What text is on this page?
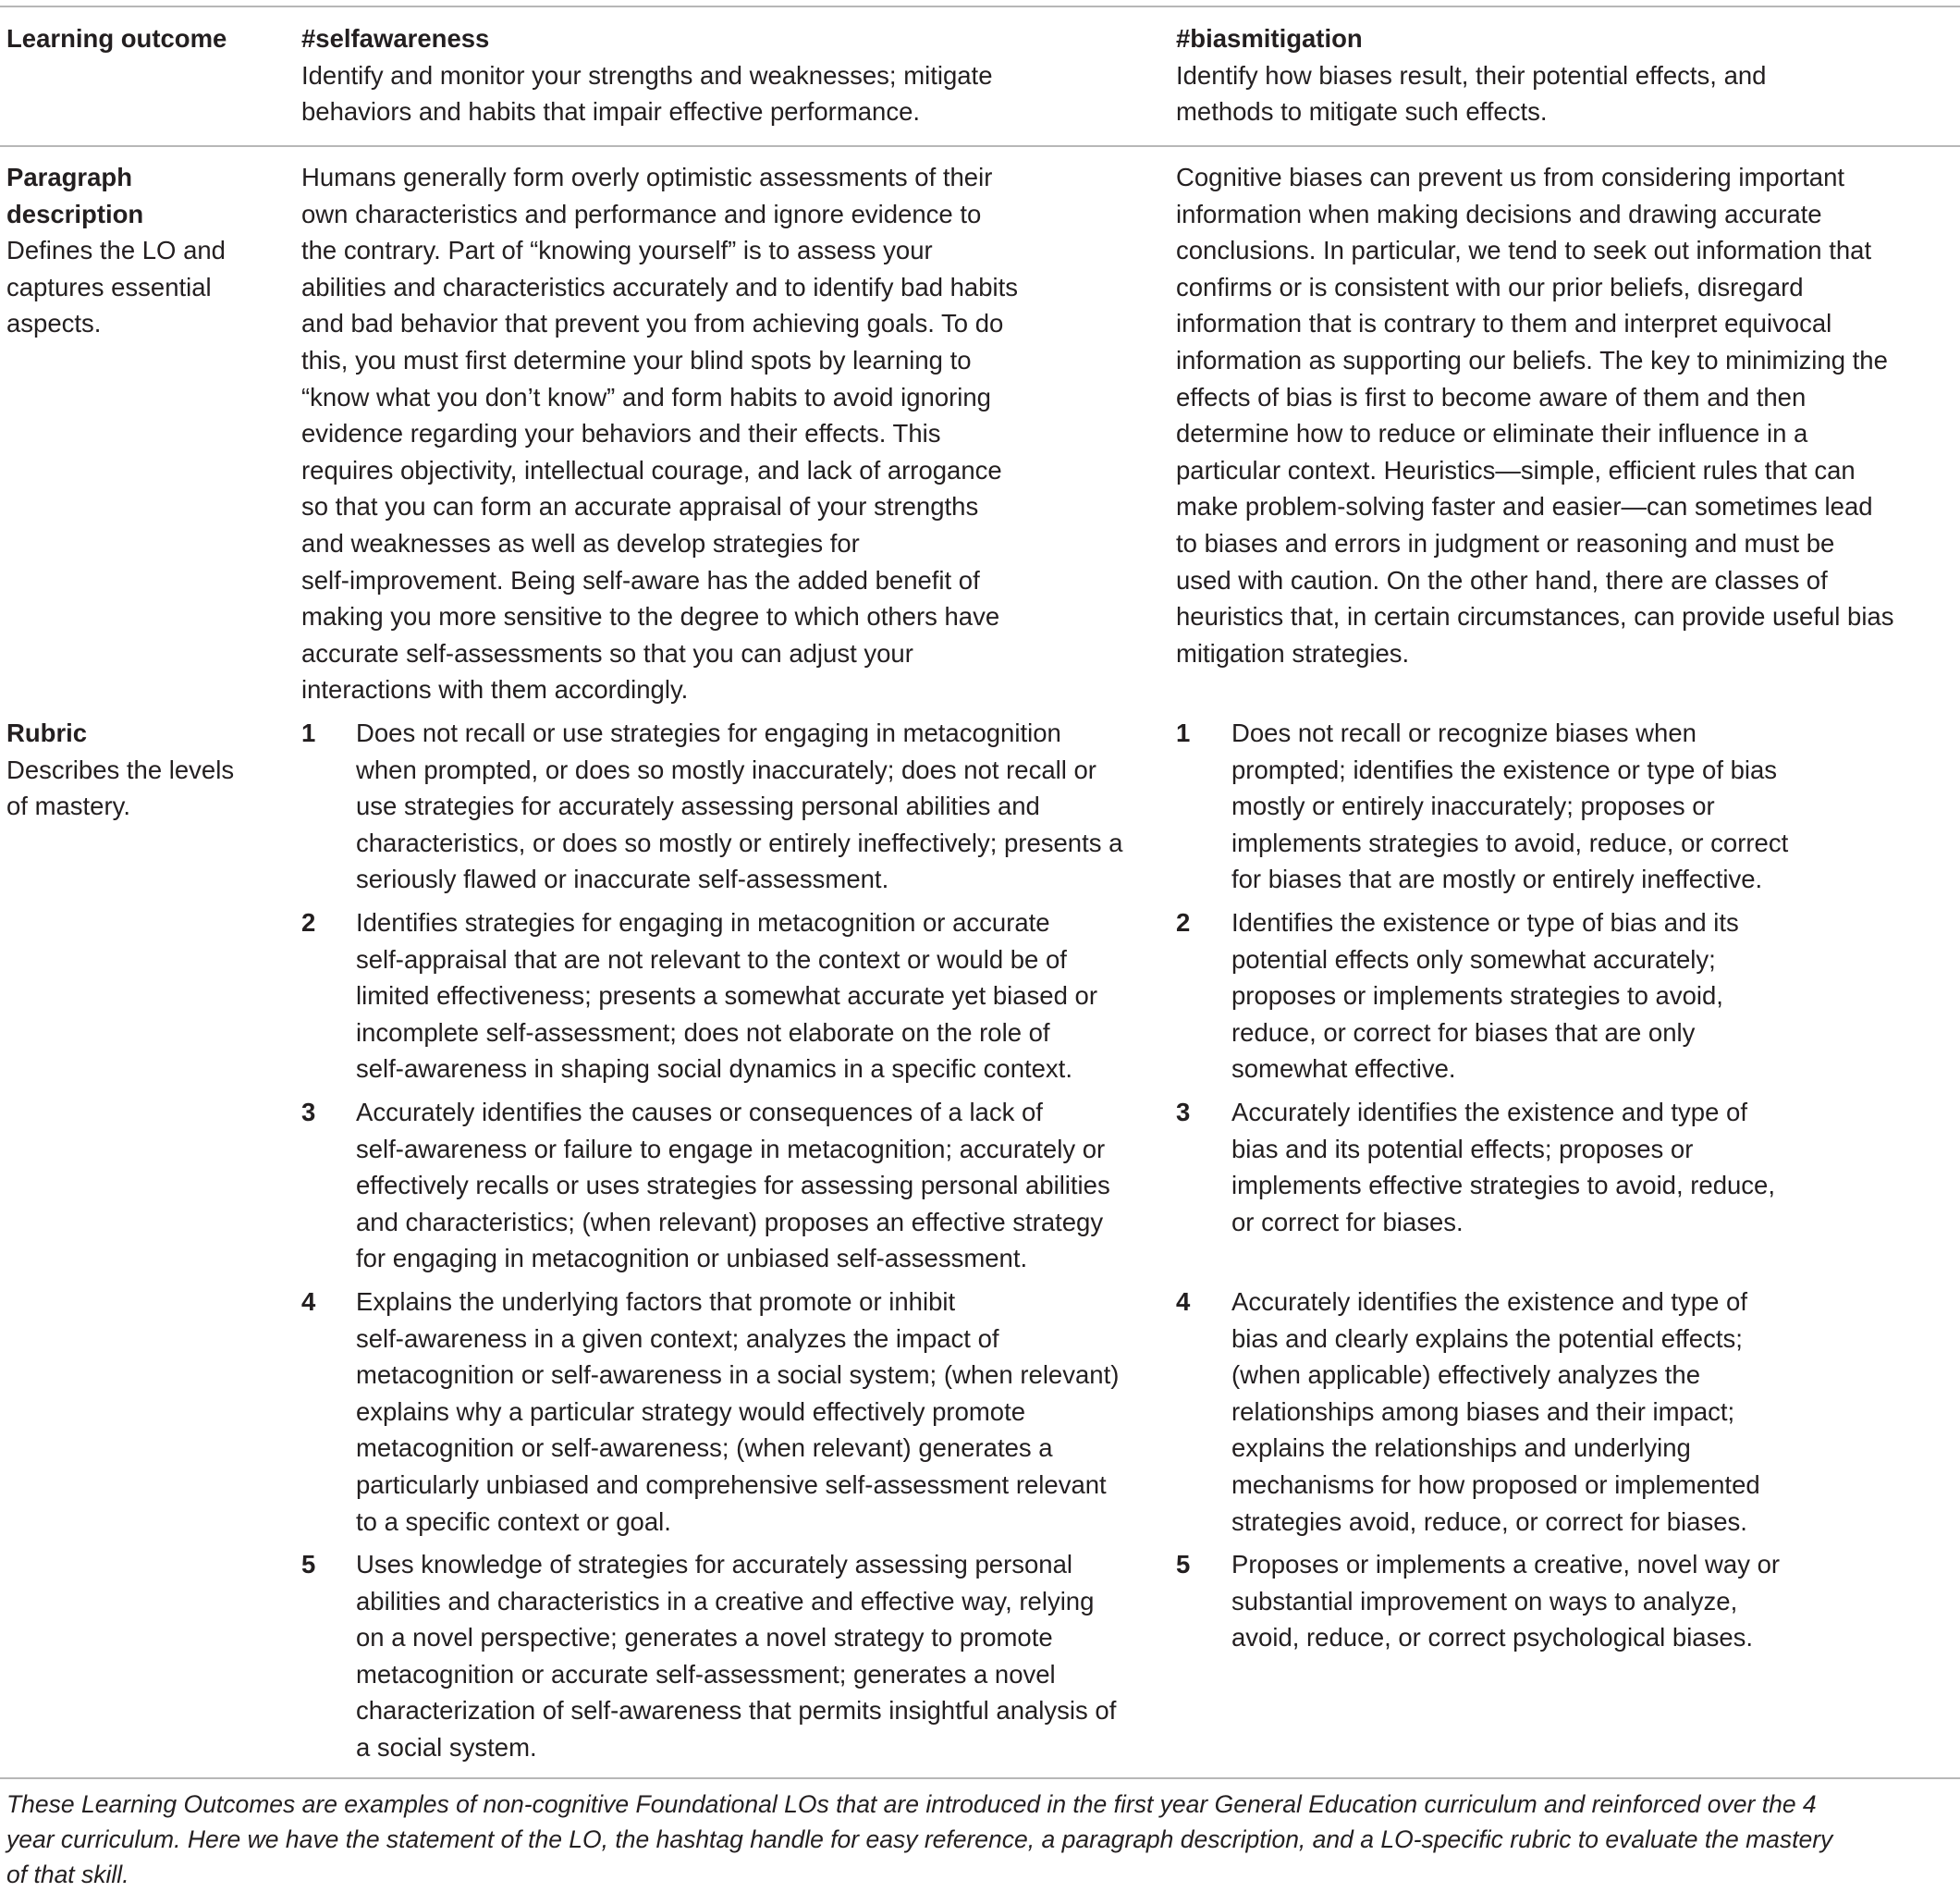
Learning outcome	#selfawareness
Identify and monitor your strengths and weaknesses; mitigate
behaviors and habits that impair effective performance.
#biasmitigation
Identify how biases result, their potential effects, and
methods to mitigate such effects.
Paragraph
description
Defines the LO and
captures essential
aspects.
Humans generally form overly optimistic assessments of their
own characteristics and performance and ignore evidence to
the contrary. Part of “knowing yourself” is to assess your
abilities and characteristics accurately and to identify bad habits
and bad behavior that prevent you from achieving goals. To do
this, you must first determine your blind spots by learning to
“know what you don’t know” and form habits to avoid ignoring
evidence regarding your behaviors and their effects. This
requires objectivity, intellectual courage, and lack of arrogance
so that you can form an accurate appraisal of your strengths
and weaknesses as well as develop strategies for
self-improvement. Being self-aware has the added benefit of
making you more sensitive to the degree to which others have
accurate self-assessments so that you can adjust your
interactions with them accordingly.
Cognitive biases can prevent us from considering important
information when making decisions and drawing accurate
conclusions. In particular, we tend to seek out information that
confirms or is consistent with our prior beliefs, disregard
information that is contrary to them and interpret equivocal
information as supporting our beliefs. The key to minimizing the
effects of bias is first to become aware of them and then
determine how to reduce or eliminate their influence in a
particular context. Heuristics—simple, efficient rules that can
make problem-solving faster and easier—can sometimes lead
to biases and errors in judgment or reasoning and must be
used with caution. On the other hand, there are classes of
heuristics that, in certain circumstances, can provide useful bias
mitigation strategies.
Rubric
Describes the levels
of mastery.
1 Does not recall or use strategies for engaging in metacognition
when prompted, or does so mostly inaccurately; does not recall or
use strategies for accurately assessing personal abilities and
characteristics, or does so mostly or entirely ineffectively; presents a
seriously flawed or inaccurate self-assessment.
2 Identifies strategies for engaging in metacognition or accurate
self-appraisal that are not relevant to the context or would be of
limited effectiveness; presents a somewhat accurate yet biased or
incomplete self-assessment; does not elaborate on the role of
self-awareness in shaping social dynamics in a specific context.
3 Accurately identifies the causes or consequences of a lack of
self-awareness or failure to engage in metacognition; accurately or
effectively recalls or uses strategies for assessing personal abilities
and characteristics; (when relevant) proposes an effective strategy
for engaging in metacognition or unbiased self-assessment.
4 Explains the underlying factors that promote or inhibit
self-awareness in a given context; analyzes the impact of
metacognition or self-awareness in a social system; (when relevant)
explains why a particular strategy would effectively promote
metacognition or self-awareness; (when relevant) generates a
particularly unbiased and comprehensive self-assessment relevant
to a specific context or goal.
5 Uses knowledge of strategies for accurately assessing personal
abilities and characteristics in a creative and effective way, relying
on a novel perspective; generates a novel strategy to promote
metacognition or accurate self-assessment; generates a novel
characterization of self-awareness that permits insightful analysis of
a social system.
1 Does not recall or recognize biases when
prompted; identifies the existence or type of bias
mostly or entirely inaccurately; proposes or
implements strategies to avoid, reduce, or correct
for biases that are mostly or entirely ineffective.
2 Identifies the existence or type of bias and its
potential effects only somewhat accurately;
proposes or implements strategies to avoid,
reduce, or correct for biases that are only
somewhat effective.
3 Accurately identifies the existence and type of
bias and its potential effects; proposes or
implements effective strategies to avoid, reduce,
or correct for biases.
4 Accurately identifies the existence and type of
bias and clearly explains the potential effects;
(when applicable) effectively analyzes the
relationships among biases and their impact;
explains the relationships and underlying
mechanisms for how proposed or implemented
strategies avoid, reduce, or correct for biases.
5 Proposes or implements a creative, novel way or
substantial improvement on ways to analyze,
avoid, reduce, or correct psychological biases.
These Learning Outcomes are examples of non-cognitive Foundational LOs that are introduced in the first year General Education curriculum and reinforced over the 4
year curriculum. Here we have the statement of the LO, the hashtag handle for easy reference, a paragraph description, and a LO-specific rubric to evaluate the mastery
of that skill.
